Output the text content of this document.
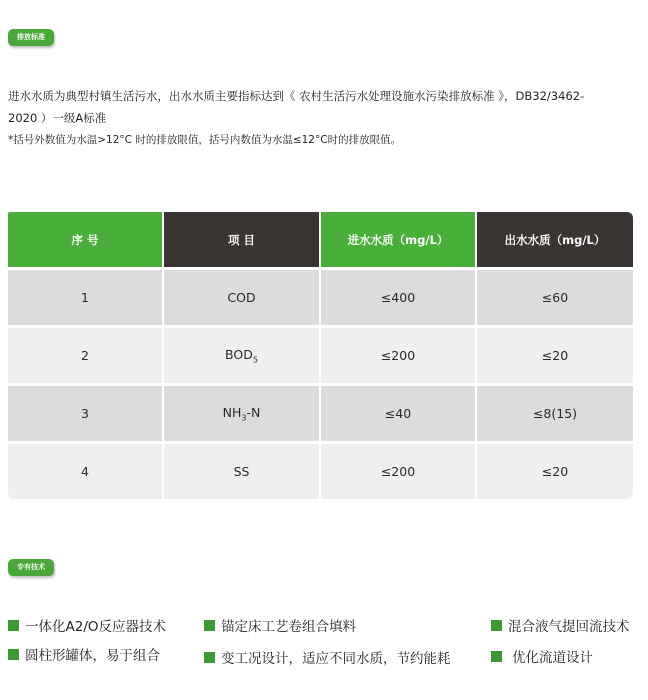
排放标准
进水水质为典型村镇生活污水，出水水质主要指标达到《 农村生活污水处理设施水污染排放标准 》，DB32/3462-
2020 ）一级A标准
*括号外数值为水温>12°C 时的排放限值，括号内数值为水温≤12°C时的排放限值。
序 号	项 目	进水水质（mg/L）	出水水质（mg/L）
1	COD	≤400	≤60
2	$BOD_5$	≤200	≤20
3	$NH_3-N$	≤40	≤8(15)
4	SS	≤200	≤20
专有技术
一体化A2/O反应器技术	锚定床工艺卷组合填料	混合液气提回流技术
圆柱形罐体，易于组合	变工况设计，适应不同水质，节约能耗	优化流道设计
